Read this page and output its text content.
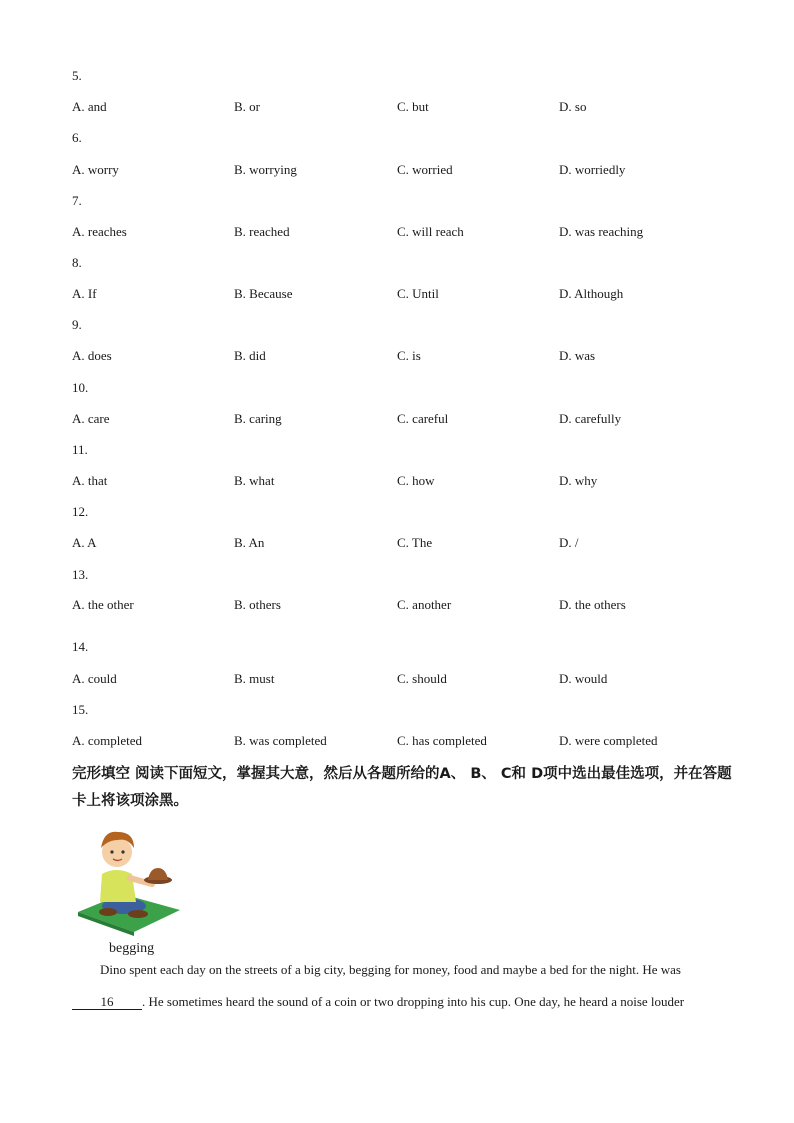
5.
A. and	B. or	C. but	D. so
6.
A. worry	B. worrying	C. worried	D. worriedly
7.
A. reaches	B. reached	C. will reach	D. was reaching
8.
A. If	B. Because	C. Until	D. Although
9.
A. does	B. did	C. is	D. was
10.
A. care	B. caring	C. careful	D. carefully
11.
A. that	B. what	C. how	D. why
12.
A. A	B. An	C. The	D. /
13.
A. the other	B. others	C. another	D. the others
14.
A. could	B. must	C. should	D. would
15.
A. completed	B. was completed	C. has completed	D. were completed
完形填空 阅读下面短文，掌握其大意，然后从各题所给的A、 B、 C和 D项中选出最佳选项，并在答题卡上将该项涂黑。
begging
Dino spent each day on the streets of a big city, begging for money, food and maybe a bed for the night. He was
16 . He sometimes heard the sound of a coin or two dropping into his cup. One day, he heard a noise louder
